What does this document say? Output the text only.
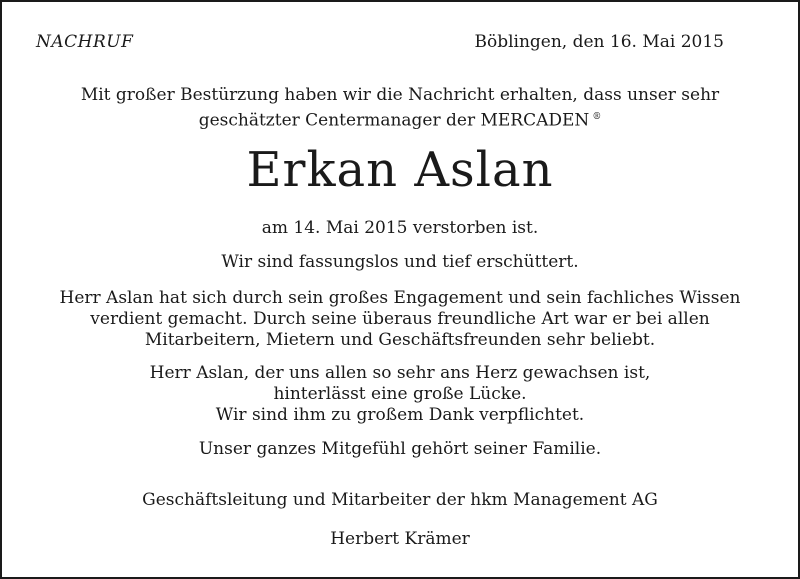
NACHRUF	Böblingen, den 16. Mai 2015
Mit großer Bestürzung haben wir die Nachricht erhalten, dass unser sehr
geschätzter Centermanager der MERCADEN ®
Erkan Aslan
am 14. Mai 2015 verstorben ist.
Wir sind fassungslos und tief erschüttert.
Herr Aslan hat sich durch sein großes Engagement und sein fachliches Wissen
verdient gemacht. Durch seine überaus freundliche Art war er bei allen
Mitarbeitern, Mietern und Geschäftsfreunden sehr beliebt.
Herr Aslan, der uns allen so sehr ans Herz gewachsen ist,
hinterlässt eine große Lücke.
Wir sind ihm zu großem Dank verpflichtet.
Unser ganzes Mitgefühl gehört seiner Familie.
Geschäftsleitung und Mitarbeiter der hkm Management AG
Herbert Krämer
